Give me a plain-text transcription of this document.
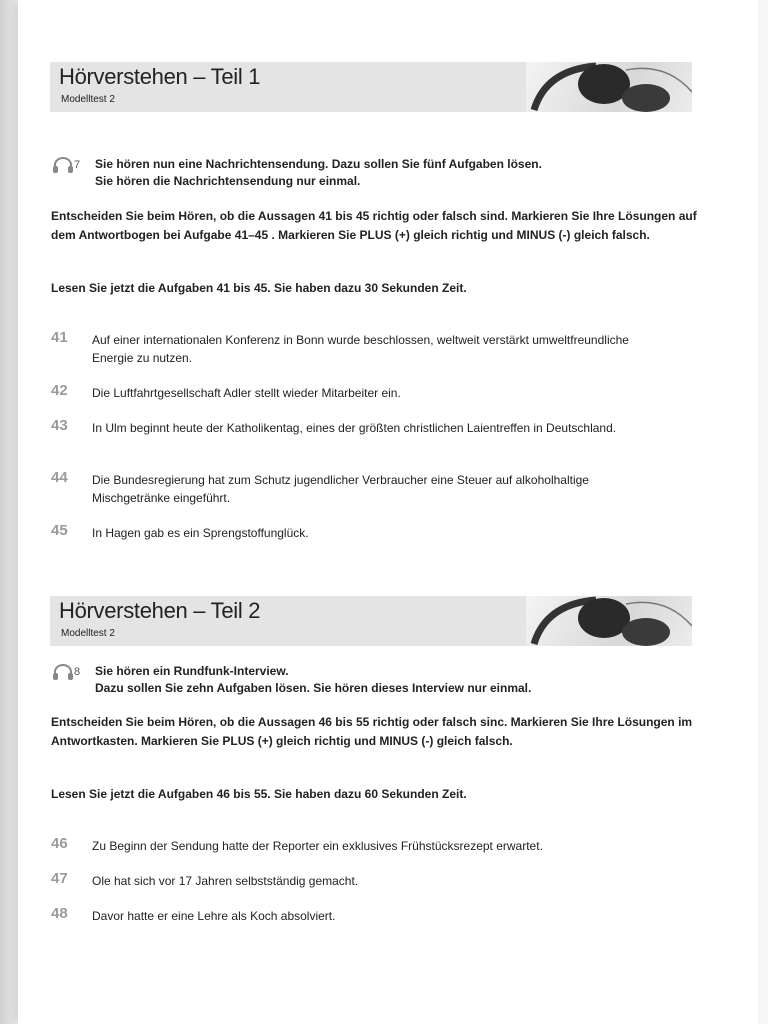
Hörverstehen – Teil 1
Modelltest 2
7	Sie hören nun eine Nachrichtensendung. Dazu sollen Sie fünf Aufgaben lösen.
Sie hören die Nachrichtensendung nur einmal.
Entscheiden Sie beim Hören, ob die Aussagen 41 bis 45 richtig oder falsch sind. Markieren Sie Ihre Lösungen auf dem Antwortbogen bei Aufgabe 41–45 . Markieren Sie PLUS (+) gleich richtig und MINUS (-) gleich falsch.
Lesen Sie jetzt die Aufgaben 41 bis 45. Sie haben dazu 30 Sekunden Zeit.
41 Auf einer internationalen Konferenz in Bonn wurde beschlossen, weltweit verstärkt umweltfreundliche Energie zu nutzen.
42 Die Luftfahrtgesellschaft Adler stellt wieder Mitarbeiter ein.
43 In Ulm beginnt heute der Katholikentag, eines der größten christlichen Laientreffen in Deutschland.
44 Die Bundesregierung hat zum Schutz jugendlicher Verbraucher eine Steuer auf alkoholhaltige Mischgetränke eingeführt.
45 In Hagen gab es ein Sprengstoffunglück.
Hörverstehen – Teil 2
Modelltest 2
8	Sie hören ein Rundfunk-Interview.
Dazu sollen Sie zehn Aufgaben lösen. Sie hören dieses Interview nur einmal.
Entscheiden Sie beim Hören, ob die Aussagen 46 bis 55 richtig oder falsch sinc. Markieren Sie Ihre Lösungen im Antwortkasten. Markieren Sie PLUS (+) gleich richtig und MINUS (-) gleich falsch.
Lesen Sie jetzt die Aufgaben 46 bis 55. Sie haben dazu 60 Sekunden Zeit.
46 Zu Beginn der Sendung hatte der Reporter ein exklusives Frühstücksrezept erwartet.
47 Ole hat sich vor 17 Jahren selbstständig gemacht.
48 Davor hatte er eine Lehre als Koch absolviert.
